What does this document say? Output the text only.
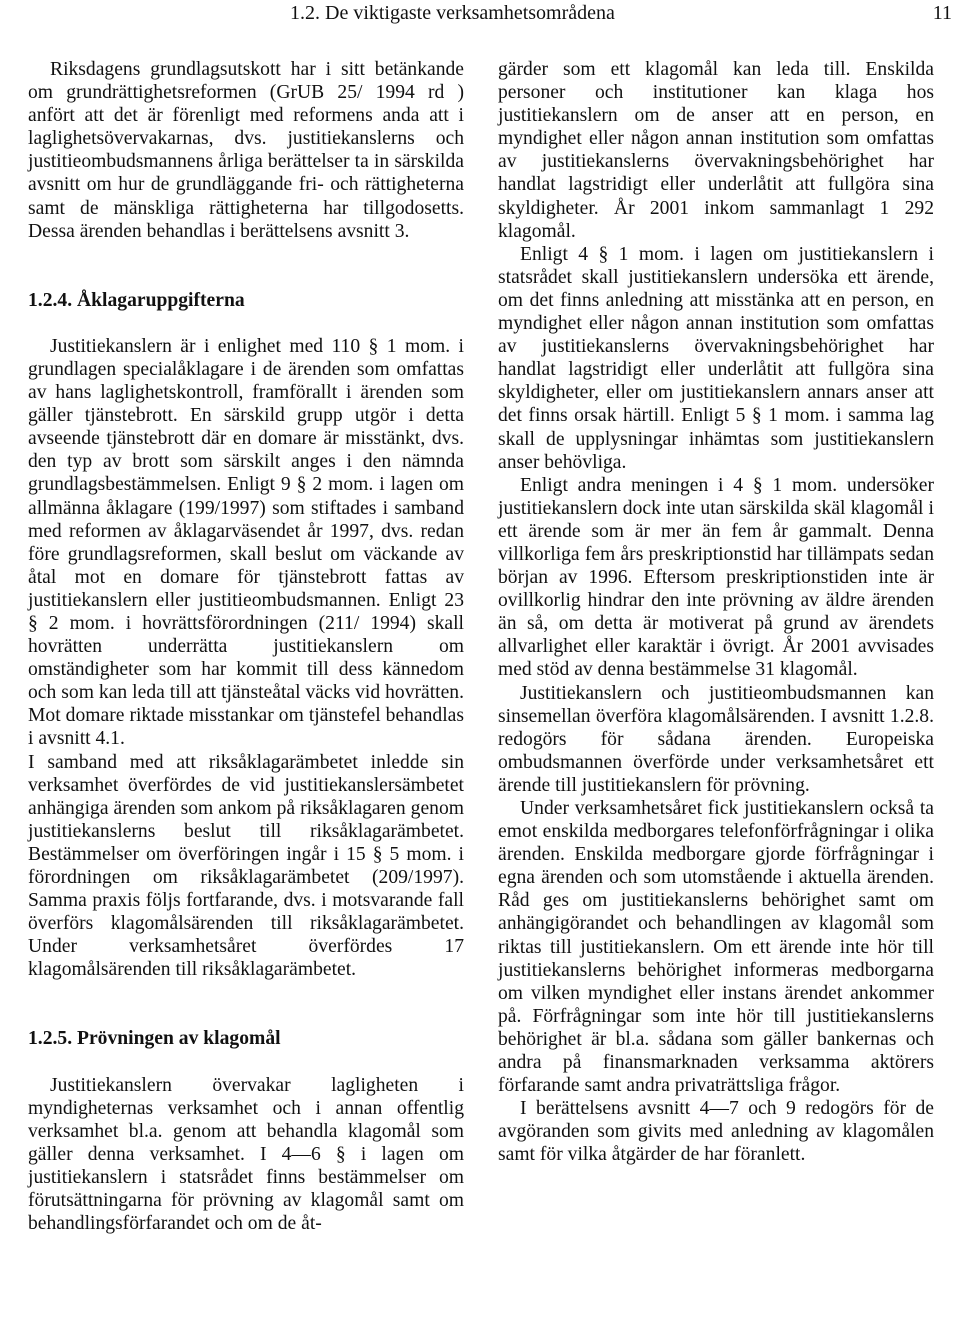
1.2. De viktigaste verksamhetsområdena	11

Riksdagens grundlagsutskott har i sitt betänkande om grundrättighetsreformen (GrUB 25/ 1994 rd ) anfört att det är förenligt med reformens anda att i laglighetsövervakarnas, dvs. justitiekanslerns och justitieombudsmannens årliga berättelser ta in särskilda avsnitt om hur de grundläggande fri- och rättigheterna samt de mänskliga rättigheterna har tillgodosetts. Dessa ärenden behandlas i berättelsens avsnitt 3.

1.2.4. Åklagaruppgifterna

Justitiekanslern är i enlighet med 110 § 1 mom. i grundlagen specialåklagare i de ärenden som omfattas av hans laglighetskontroll, framförallt i ärenden som gäller tjänstebrott. En särskild grupp utgör i detta avseende tjänstebrott där en domare är misstänkt, dvs. den typ av brott som särskilt anges i den nämnda grundlagsbestämmelsen. Enligt 9 § 2 mom. i lagen om allmänna åklagare (199/1997) som stiftades i samband med reformen av åklagarväsendet år 1997, dvs. redan före grundlagsreformen, skall beslut om väckande av åtal mot en domare för tjänstebrott fattas av justitiekanslern eller justitieombudsmannen. Enligt 23 § 2 mom. i hovrättsförordningen (211/ 1994) skall hovrätten underrätta justitiekanslern om omständigheter som har kommit till dess kännedom och som kan leda till att tjänsteåtal väcks vid hovrätten. Mot domare riktade misstankar om tjänstefel behandlas i avsnitt 4.1.

I samband med att riksåklagarämbetet inledde sin verksamhet överfördes de vid justitiekanslersämbetet anhängiga ärenden som ankom på riksåklagaren genom justitiekanslerns beslut till riksåklagarämbetet. Bestämmelser om överföringen ingår i 15 § 5 mom. i förordningen om riksåklagarämbetet (209/1997). Samma praxis följs fortfarande, dvs. i motsvarande fall överförs klagomålsärenden till riksåklagarämbetet. Under verksamhetsåret överfördes 17 klagomålsärenden till riksåklagarämbetet.

1.2.5. Prövningen av klagomål

Justitiekanslern övervakar lagligheten i myndigheternas verksamhet och i annan offentlig verksamhet bl.a. genom att behandla klagomål som gäller denna verksamhet. I 4—6 § i lagen om justitiekanslern i statsrådet finns bestämmelser om förutsättningarna för prövning av klagomål samt om behandlingsförfarandet och om de åt-

gärder som ett klagomål kan leda till. Enskilda personer och institutioner kan klaga hos justitiekanslern om de anser att en person, en myndighet eller någon annan institution som omfattas av justitiekanslerns övervakningsbehörighet har handlat lagstridigt eller underlåtit att fullgöra sina skyldigheter. År 2001 inkom sammanlagt 1 292 klagomål.

Enligt 4 § 1 mom. i lagen om justitiekanslern i statsrådet skall justitiekanslern undersöka ett ärende, om det finns anledning att misstänka att en person, en myndighet eller någon annan institution som omfattas av justitiekanslerns övervakningsbehörighet har handlat lagstridigt eller underlåtit att fullgöra sina skyldigheter, eller om justitiekanslern annars anser att det finns orsak härtill. Enligt 5 § 1 mom. i samma lag skall de upplysningar inhämtas som justitiekanslern anser behövliga.

Enligt andra meningen i 4 § 1 mom. undersöker justitiekanslern dock inte utan särskilda skäl klagomål i ett ärende som är mer än fem år gammalt. Denna villkorliga fem års preskriptionstid har tillämpats sedan början av 1996. Eftersom preskriptionstiden inte är ovillkorlig hindrar den inte prövning av äldre ärenden än så, om detta är motiverat på grund av ärendets allvarlighet eller karaktär i övrigt. År 2001 avvisades med stöd av denna bestämmelse 31 klagomål.

Justitiekanslern och justitieombudsmannen kan sinsemellan överföra klagomålsärenden. I avsnitt 1.2.8. redogörs för sådana ärenden. Europeiska ombudsmannen överförde under verksamhetsåret ett ärende till justitiekanslern för prövning.

Under verksamhetsåret fick justitiekanslern också ta emot enskilda medborgares telefonförfrågningar i olika ärenden. Enskilda medborgare gjorde förfrågningar i egna ärenden och som utomstående i aktuella ärenden. Råd ges om justitiekanslerns behörighet samt om anhängigörandet och behandlingen av klagomål som riktas till justitiekanslern. Om ett ärende inte hör till justitiekanslerns behörighet informeras medborgarna om vilken myndighet eller instans ärendet ankommer på. Förfrågningar som inte hör till justitiekanslerns behörighet är bl.a. sådana som gäller bankernas och andra på finansmarknaden verksamma aktörers förfarande samt andra privaträttsliga frågor.

I berättelsens avsnitt 4—7 och 9 redogörs för de avgöranden som givits med anledning av klagomålen samt för vilka åtgärder de har föranlett.
